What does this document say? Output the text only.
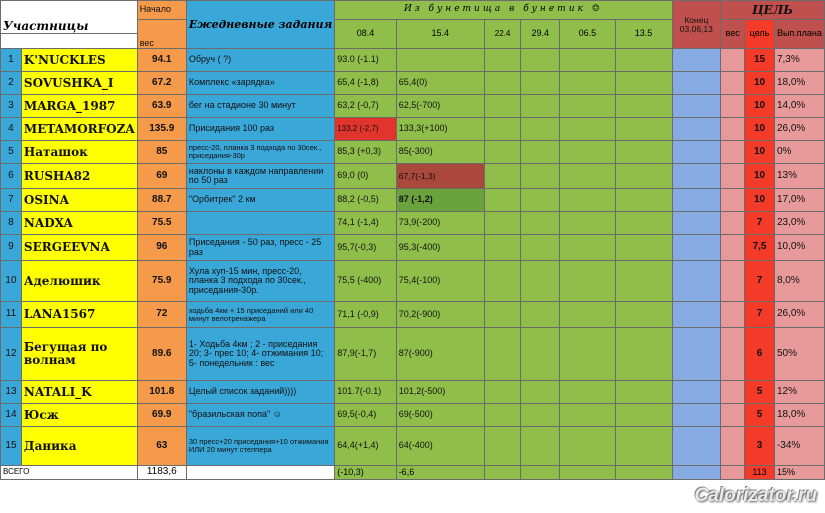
Участницы		Начало	Ежедневные задания	Из бунетища в бунетик ☺						Конец 03,06,13	ЦЕЛЬ		
		вес		08.4	15.4	22.4	29.4	06.5	13.5		вес	цель	Вып.плана

1	K'NUCKLES	94.1	Обруч ( ?)	93.0 (-1.1)								15	7,3%
2	SOVUSHKA_I	67.2	Комплекс «зарядка»	65,4 (-1,8)	65,4(0)							10	18,0%
3	MARGA_1987	63.9	бег на стадионе 30 минут	63,2 (-0,7)	62,5(-700)							10	14,0%
4	METAMORFOZA	135.9	Присидания 100 раз	133,2 (-2,7)	133,3(+100)							10	26,0%
5	Наташок	85	пресс-20, планка 3 подхода по 30сек., приседания-30р	85,3 (+0,3)	85(-300)							10	0%
6	RUSHA82	69	наклоны в каждом направлении по 50 раз	69,0 (0)	67,7(-1,3)							10	13%
7	OSINA	88.7	"Орбитрек" 2 км	88,2 (-0,5)	87 (-1,2)							10	17,0%
8	NADXA	75.5		74,1 (-1,4)	73,9(-200)							7	23,0%
9	SERGEEVNA	96	Приседания - 50 раз, пресс - 25 раз	95,7(-0,3)	95,3(-400)							7,5	10,0%
10	Аделюшик	75.9	Хула хуп-15 мин, пресс-20, планка 3 подхода по 30сек., приседания-30р.	75,5 (-400)	75,4(-100)							7	8,0%
11	LANA1567	72	ходьба 4км + 15 приседаний или 40 минут велотренажера	71,1 (-0,9)	70,2(-900)							7	26,0%
12	Бегущая по волнам	89.6	1- Ходьба 4км ; 2 - приседания 20; 3- прес 10; 4- отжимания 10; 5- понедельник : вес	87,9(-1,7)	87(-900)							6	50%
13	NATALI_K	101.8	Целый список заданий))))	101.7(-0.1)	101,2(-500)							5	12%
14	Юсж	69.9	"бразильская попа" ☺	69,5(-0,4)	69(-500)							5	18,0%
15	Даника	63	30 пресс+20 приседания+10 отжимания ИЛИ 20 минут степпера	64,4(+1,4)	64(-400)							3	-34%
ВСЕГО		1183,6		(-10,3)	-6,6							113	15%
Calorizator.ru
